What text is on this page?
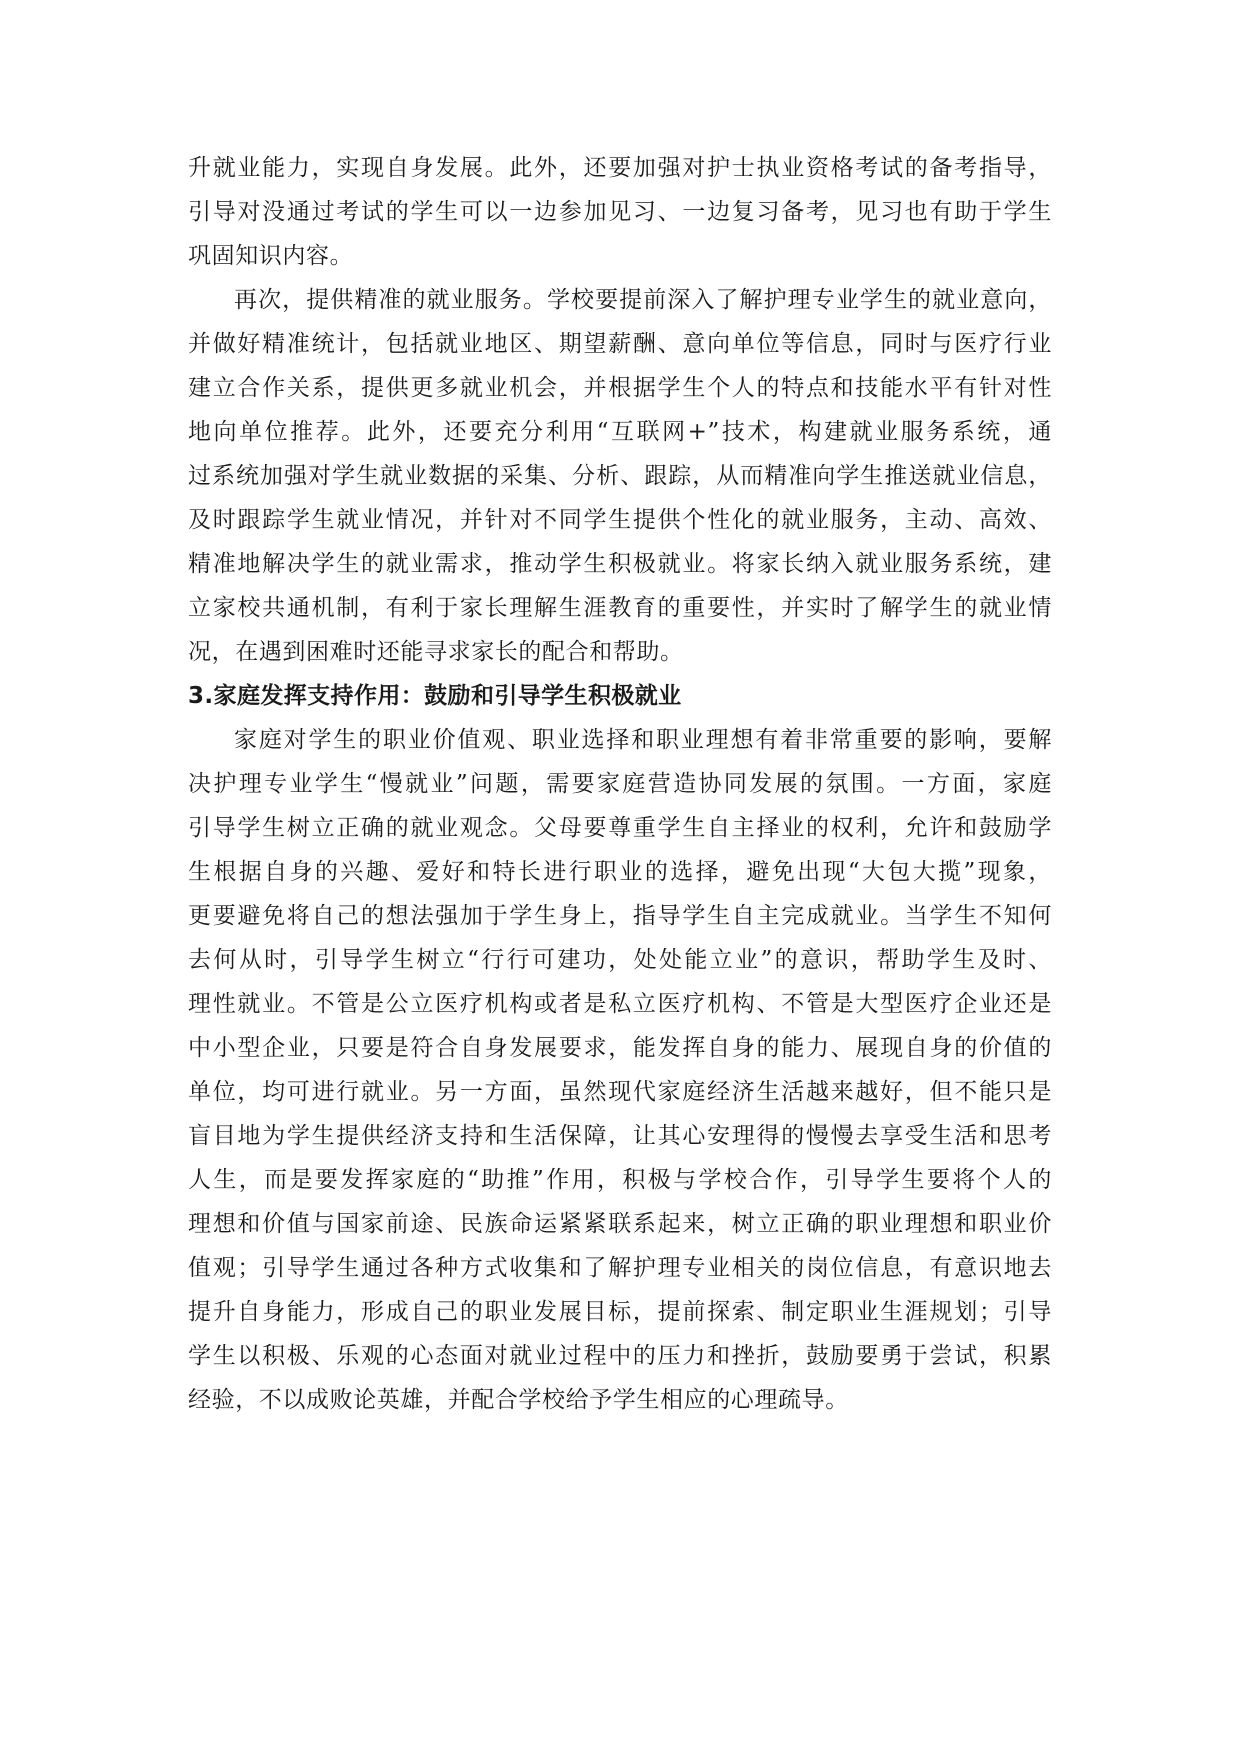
升就业能力，实现自身发展。此外，还要加强对护士执业资格考试的备考指导，
引导对没通过考试的学生可以一边参加见习、一边复习备考，见习也有助于学生
巩固知识内容。
再次，提供精准的就业服务。学校要提前深入了解护理专业学生的就业意向，
并做好精准统计，包括就业地区、期望薪酬、意向单位等信息，同时与医疗行业
建立合作关系，提供更多就业机会，并根据学生个人的特点和技能水平有针对性
地向单位推荐。此外，还要充分利用“互联网+”技术，构建就业服务系统，通
过系统加强对学生就业数据的采集、分析、跟踪，从而精准向学生推送就业信息，
及时跟踪学生就业情况，并针对不同学生提供个性化的就业服务，主动、高效、
精准地解决学生的就业需求，推动学生积极就业。将家长纳入就业服务系统，建
立家校共通机制，有利于家长理解生涯教育的重要性，并实时了解学生的就业情
况，在遇到困难时还能寻求家长的配合和帮助。
3.家庭发挥支持作用：鼓励和引导学生积极就业
家庭对学生的职业价值观、职业选择和职业理想有着非常重要的影响，要解
决护理专业学生“慢就业”问题，需要家庭营造协同发展的氛围。一方面，家庭
引导学生树立正确的就业观念。父母要尊重学生自主择业的权利，允许和鼓励学
生根据自身的兴趣、爱好和特长进行职业的选择，避免出现“大包大揽”现象，
更要避免将自己的想法强加于学生身上，指导学生自主完成就业。当学生不知何
去何从时，引导学生树立“行行可建功，处处能立业”的意识，帮助学生及时、
理性就业。不管是公立医疗机构或者是私立医疗机构、不管是大型医疗企业还是
中小型企业，只要是符合自身发展要求，能发挥自身的能力、展现自身的价值的
单位，均可进行就业。另一方面，虽然现代家庭经济生活越来越好，但不能只是
盲目地为学生提供经济支持和生活保障，让其心安理得的慢慢去享受生活和思考
人生，而是要发挥家庭的“助推”作用，积极与学校合作，引导学生要将个人的
理想和价值与国家前途、民族命运紧紧联系起来，树立正确的职业理想和职业价
值观；引导学生通过各种方式收集和了解护理专业相关的岗位信息，有意识地去
提升自身能力，形成自己的职业发展目标，提前探索、制定职业生涯规划；引导
学生以积极、乐观的心态面对就业过程中的压力和挫折，鼓励要勇于尝试，积累
经验，不以成败论英雄，并配合学校给予学生相应的心理疏导。
